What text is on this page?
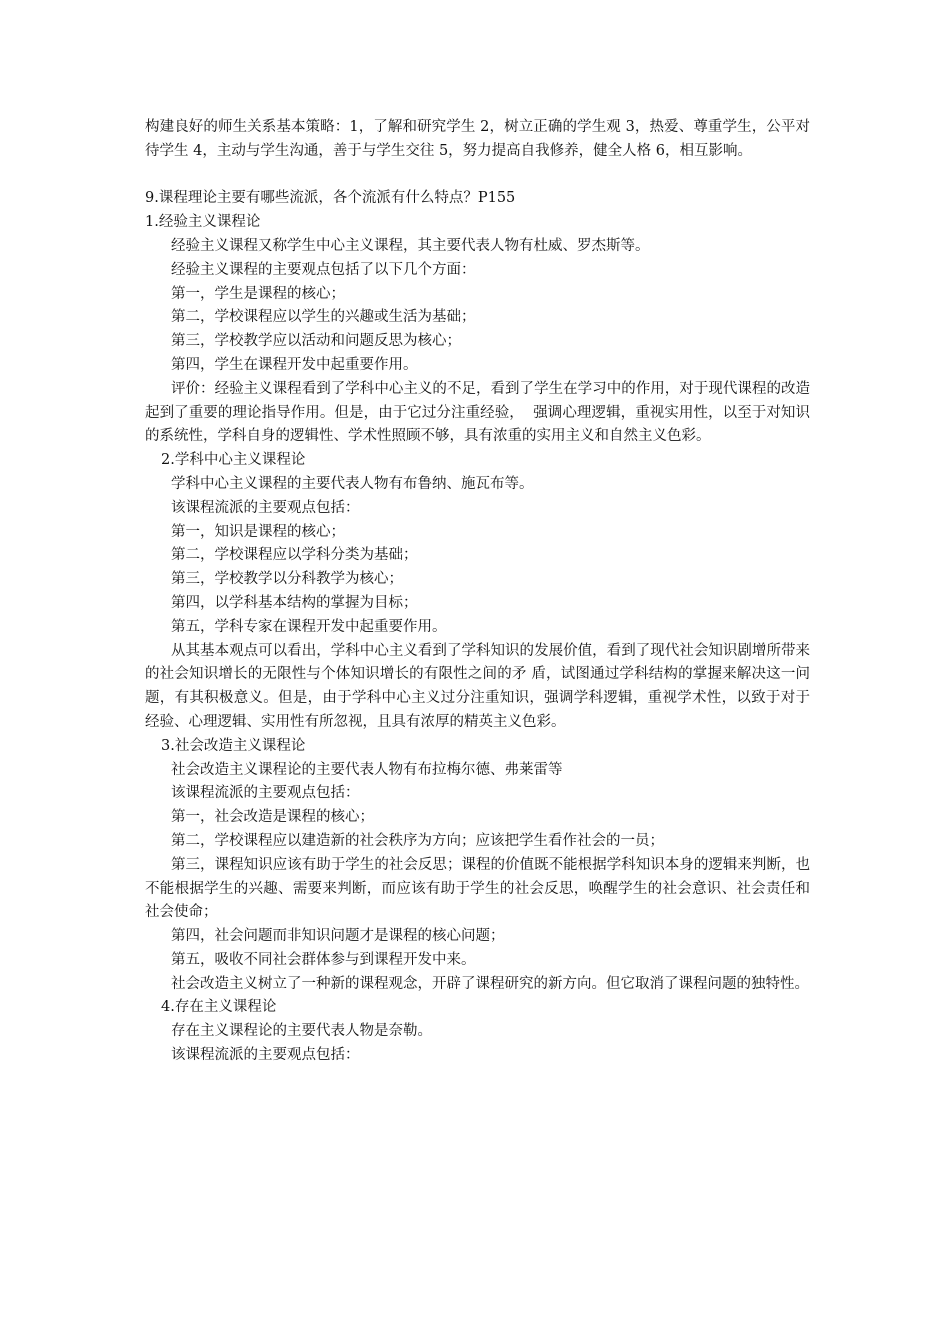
构建良好的师生关系基本策略：1，了解和研究学生 2，树立正确的学生观 3，热爱、尊重学生，公平对待学生 4，主动与学生沟通，善于与学生交往 5，努力提高自我修养，健全人格 6，相互影响。

9.课程理论主要有哪些流派，各个流派有什么特点？P155

1.经验主义课程论

经验主义课程又称学生中心主义课程，其主要代表人物有杜威、罗杰斯等。

经验主义课程的主要观点包括了以下几个方面：

第一，学生是课程的核心；

第二，学校课程应以学生的兴趣或生活为基础；

第三，学校教学应以活动和问题反思为核心；

第四，学生在课程开发中起重要作用。

评价：经验主义课程看到了学科中心主义的不足，看到了学生在学习中的作用，对于现代课程的改造起到了重要的理论指导作用。但是，由于它过分注重经验，  强调心理逻辑，重视实用性，以至于对知识的系统性，学科自身的逻辑性、学术性照顾不够，具有浓重的实用主义和自然主义色彩。

2.学科中心主义课程论

学科中心主义课程的主要代表人物有布鲁纳、施瓦布等。

该课程流派的主要观点包括：

第一，知识是课程的核心；

第二，学校课程应以学科分类为基础；

第三，学校教学以分科教学为核心；

第四，以学科基本结构的掌握为目标；

第五，学科专家在课程开发中起重要作用。

从其基本观点可以看出，学科中心主义看到了学科知识的发展价值，看到了现代社会知识剧增所带来的社会知识增长的无限性与个体知识增长的有限性之间的矛 盾，试图通过学科结构的掌握来解决这一问题，有其积极意义。但是，由于学科中心主义过分注重知识，强调学科逻辑，重视学术性，以致于对于经验、心理逻辑、实用性有所忽视，且具有浓厚的精英主义色彩。

3.社会改造主义课程论

社会改造主义课程论的主要代表人物有布拉梅尔德、弗莱雷等

该课程流派的主要观点包括：

第一，社会改造是课程的核心；

第二，学校课程应以建造新的社会秩序为方向；应该把学生看作社会的一员；

第三，课程知识应该有助于学生的社会反思；课程的价值既不能根据学科知识本身的逻辑来判断，也不能根据学生的兴趣、需要来判断，而应该有助于学生的社会反思，唤醒学生的社会意识、社会责任和社会使命；

第四，社会问题而非知识问题才是课程的核心问题；

第五，吸收不同社会群体参与到课程开发中来。

社会改造主义树立了一种新的课程观念，开辟了课程研究的新方向。但它取消了课程问题的独特性。

4.存在主义课程论

存在主义课程论的主要代表人物是奈勒。

该课程流派的主要观点包括：
